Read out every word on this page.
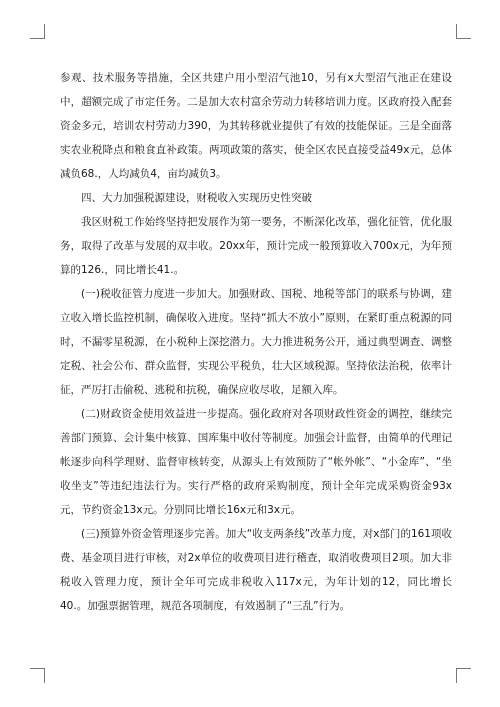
参观、技术服务等措施，全区共建户用小型沼气池10，另有x大型沼气池正在建设中，超额完成了市定任务。二是加大农村富余劳动力转移培训力度。区政府投入配套资金多元，培训农村劳动力390，为其转移就业提供了有效的技能保证。三是全面落实农业税降点和粮食直补政策。两项政策的落实，使全区农民直接受益49x元，总体减负68.，人均减负4，亩均减负3。

四、大力加强税源建设，财税收入实现历史性突破

我区财税工作始终坚持把发展作为第一要务，不断深化改革，强化征管，优化服务，取得了改革与发展的双丰收。20xx年，预计完成一般预算收入700x元，为年预算的126.，同比增长41.。

(一)税收征管力度进一步加大。加强财政、国税、地税等部门的联系与协调，建立收入增长监控机制，确保收入进度。坚持“抓大不放小”原则，在紧盯重点税源的同时，不漏零星税源，在小税种上深挖潜力。大力推进税务公开，通过典型调查、调整定税、社会公布、群众监督，实现公平税负，壮大区域税源。坚持依法治税，依率计征，严厉打击偷税、逃税和抗税，确保应收尽收，足额入库。

(二)财政资金使用效益进一步提高。强化政府对各项财政性资金的调控，继续完善部门预算、会计集中核算、国库集中收付等制度。加强会计监督，由简单的代理记帐逐步向科学理财、监督审核转变，从源头上有效预防了“帐外帐”、“小金库”、“坐收坐支”等违纪违法行为。实行严格的政府采购制度，预计全年完成采购资金93x元，节约资金13x元。分别同比增长16x元和3x元。

(三)预算外资金管理逐步完善。加大“收支两条线”改革力度，对x部门的161项收费、基金项目进行审核，对2x单位的收费项目进行稽查，取消收费项目2项。加大非税收入管理力度，预计全年可完成非税收入117x元，为年计划的12，同比增长40.。加强票据管理，规范各项制度，有效遏制了“三乱”行为。
